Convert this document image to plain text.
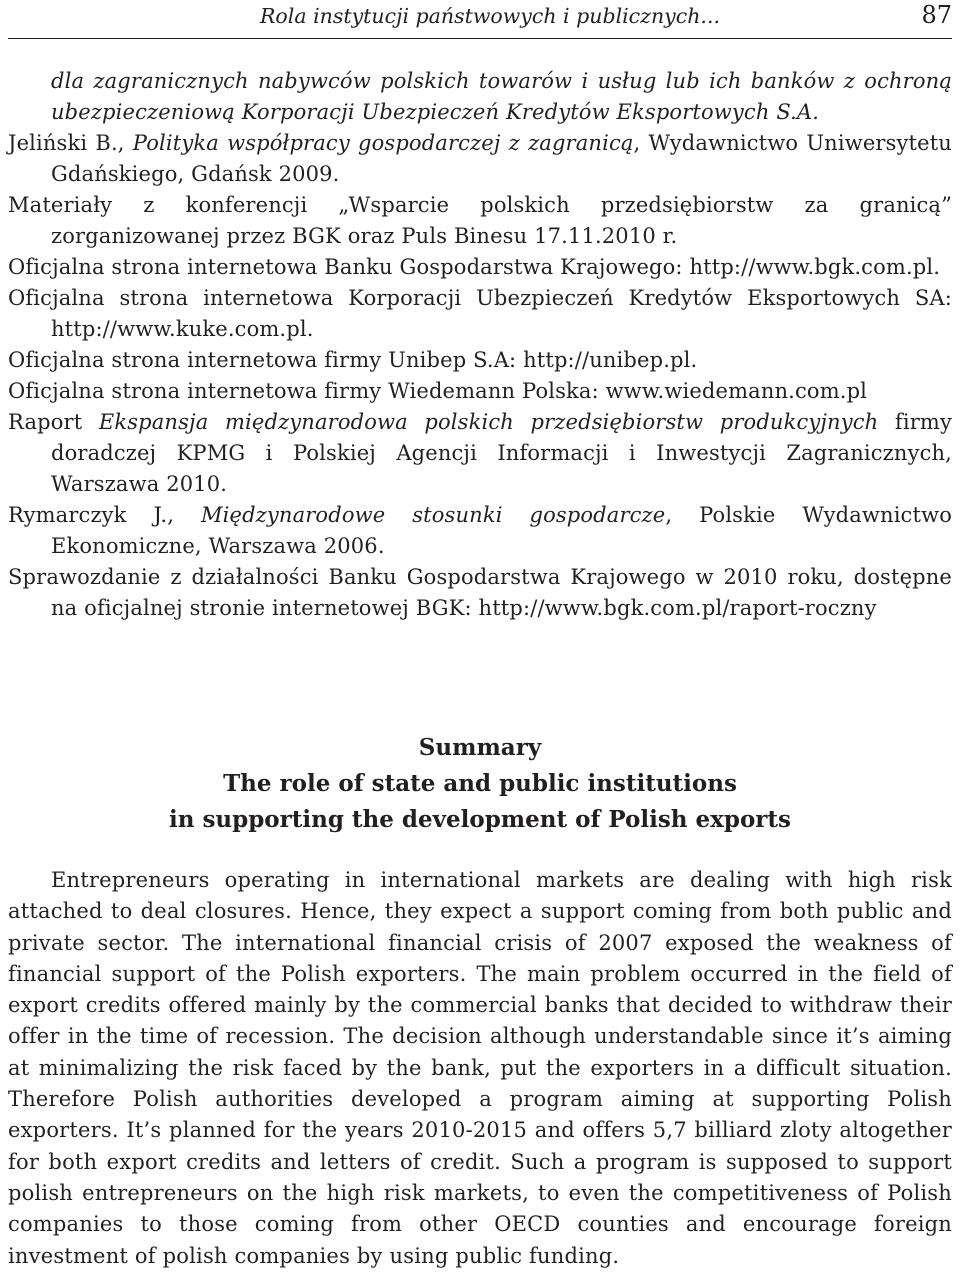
Rola instytucji państwowych i publicznych...	87
dla zagranicznych nabywców polskich towarów i usług lub ich banków z ochroną ubezpieczeniową Korporacji Ubezpieczeń Kredytów Eksportowych S.A.
Jeliński B., Polityka współpracy gospodarczej z zagranicą, Wydawnictwo Uniwersytetu Gdańskiego, Gdańsk 2009.
Materiały z konferencji „Wsparcie polskich przedsiębiorstw za granicą” zorganizowanej przez BGK oraz Puls Binesu 17.11.2010 r.
Oficjalna strona internetowa Banku Gospodarstwa Krajowego: http://www.bgk.com.pl.
Oficjalna strona internetowa Korporacji Ubezpieczeń Kredytów Eksportowych SA: http://www.kuke.com.pl.
Oficjalna strona internetowa firmy Unibep S.A: http://unibep.pl.
Oficjalna strona internetowa firmy Wiedemann Polska: www.wiedemann.com.pl
Raport Ekspansja międzynarodowa polskich przedsiębiorstw produkcyjnych firmy doradczej KPMG i Polskiej Agencji Informacji i Inwestycji Zagranicznych, Warszawa 2010.
Rymarczyk J., Międzynarodowe stosunki gospodarcze, Polskie Wydawnictwo Ekonomiczne, Warszawa 2006.
Sprawozdanie z działalności Banku Gospodarstwa Krajowego w 2010 roku, dostępne na oficjalnej stronie internetowej BGK: http://www.bgk.com.pl/raport-roczny
Summary
The role of state and public institutions
in supporting the development of Polish exports

Entrepreneurs operating in international markets are dealing with high risk attached to deal closures. Hence, they expect a support coming from both public and private sector. The international financial crisis of 2007 exposed the weakness of financial support of the Polish exporters. The main problem occurred in the field of export credits offered mainly by the commercial banks that decided to withdraw their offer in the time of recession. The decision although understandable since it’s aiming at minimalizing the risk faced by the bank, put the exporters in a difficult situation. Therefore Polish authorities developed a program aiming at supporting Polish exporters. It’s planned for the years 2010-2015 and offers 5,7 billiard zloty altogether for both export credits and letters of credit. Such a program is supposed to support polish entrepreneurs on the high risk markets, to even the competitiveness of Polish companies to those coming from other OECD counties and encourage foreign investment of polish companies by using public funding.
